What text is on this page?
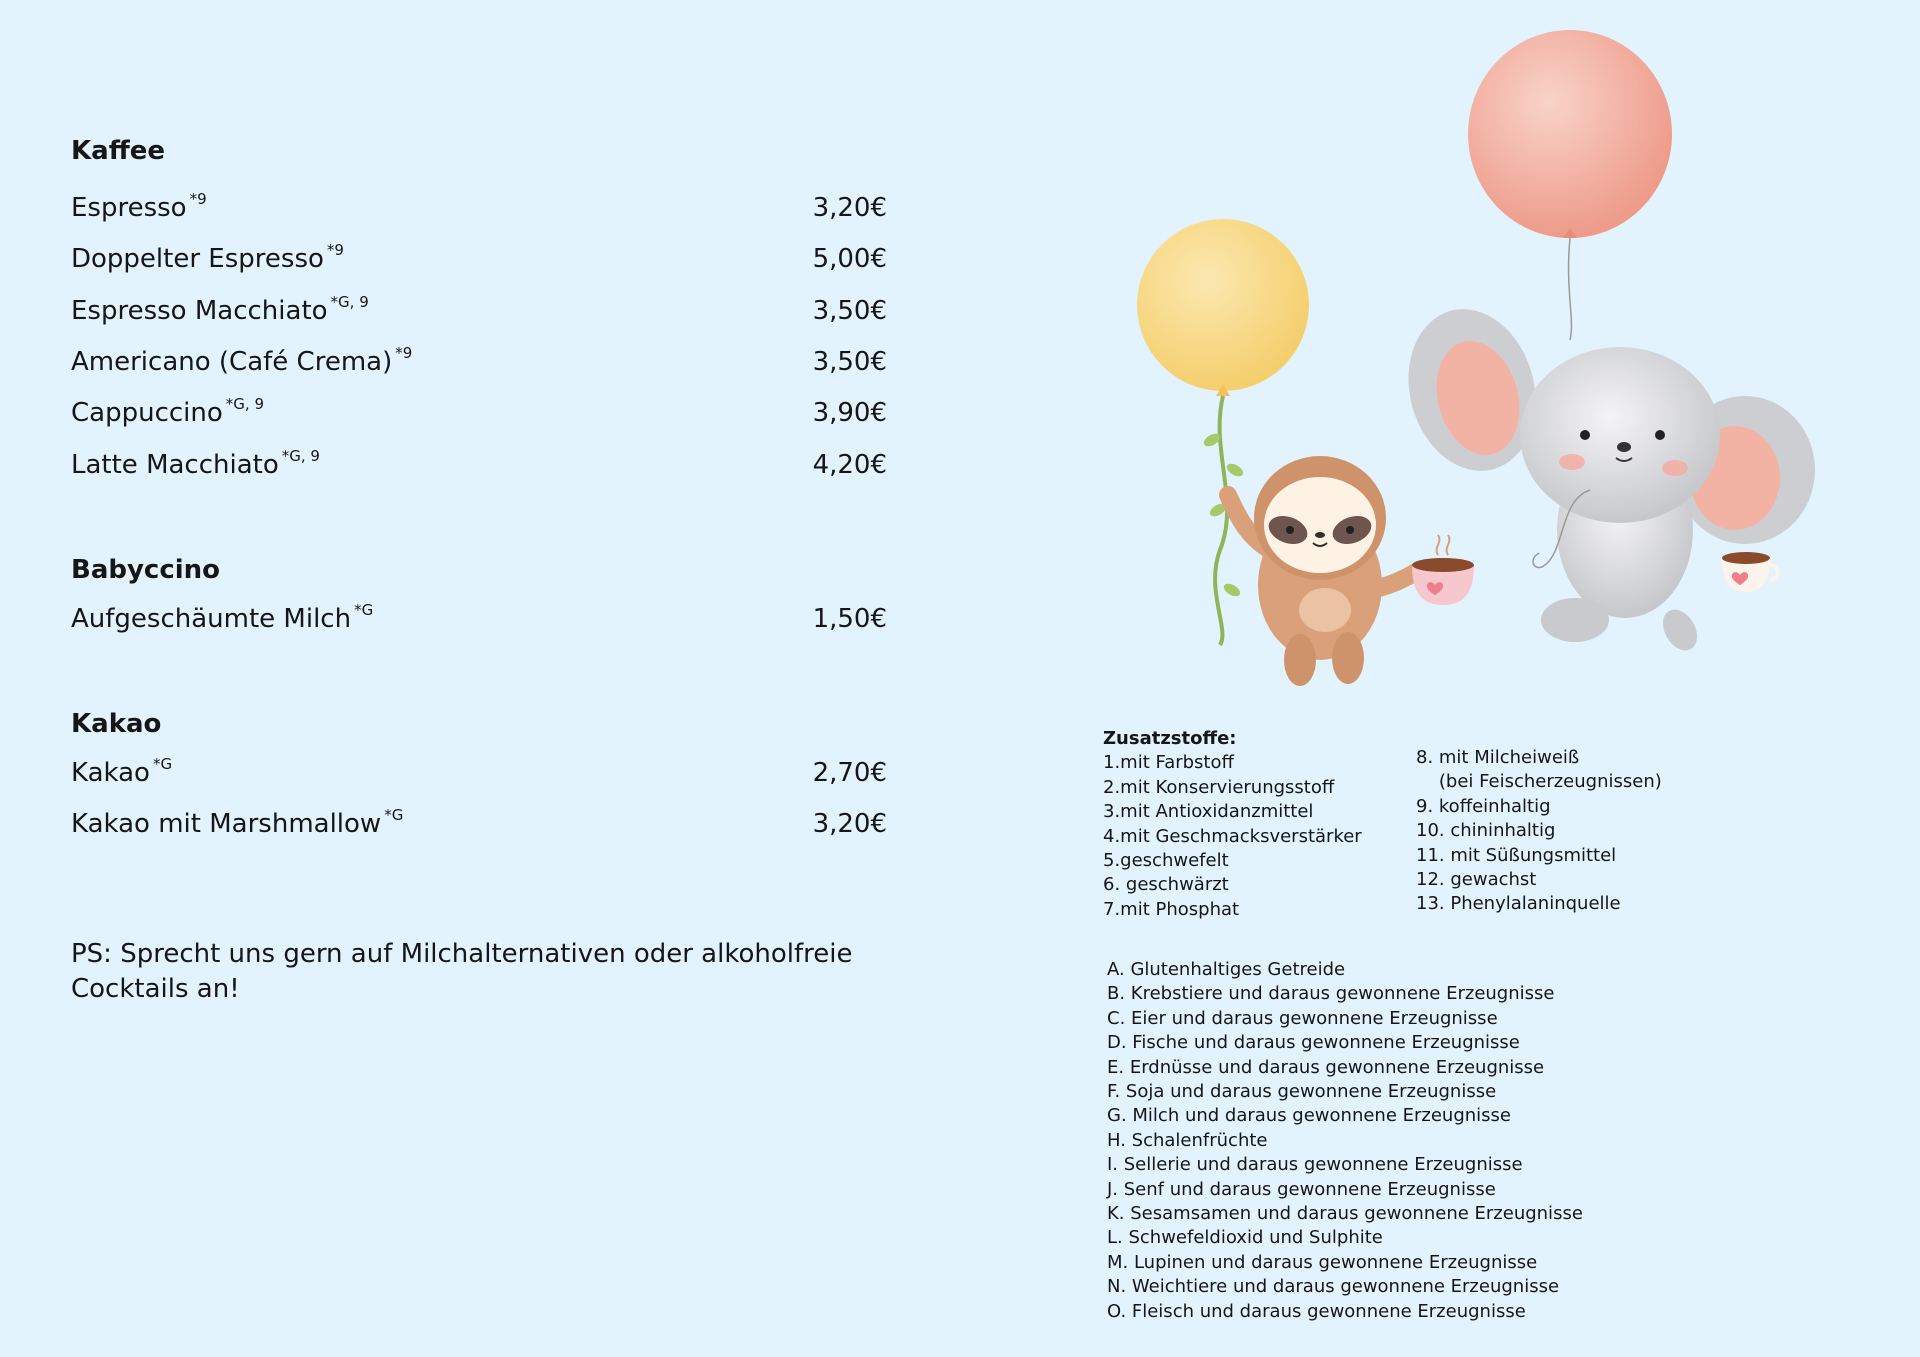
Kaffee
Espresso $^{*9}$	3,20€
Doppelter Espresso $^{*9}$	5,00€
Espresso Macchiato $^{*G, 9}$	3,50€
Americano (Café Crema) $^{*9}$	3,50€
Cappuccino $^{*G, 9}$	3,90€
Latte Macchiato $^{*G, 9}$	4,20€
Babyccino
Aufgeschäumte Milch $^{*G}$	1,50€
Kakao
Kakao $^{*G}$	2,70€
Kakao mit Marshmallow $^{*G}$	3,20€

PS: Sprecht uns gern auf Milchalternativen oder alkoholfreie Cocktails an!

Zusatzstoffe:

1.mit Farbstoff
2.mit Konservierungsstoff
3.mit Antioxidanzmittel
4.mit Geschmacksverstärker
5.geschwefelt
6. geschwärzt
7.mit Phosphat
8. mit Milcheiweiß
(bei Feischerzeugnissen)
9. koffeinhaltig
10. chininhaltig
11. mit Süßungsmittel
12. gewachst
13. Phenylalaninquelle
A. Glutenhaltiges Getreide
B. Krebstiere und daraus gewonnene Erzeugnisse
C. Eier und daraus gewonnene Erzeugnisse
D. Fische und daraus gewonnene Erzeugnisse
E. Erdnüsse und daraus gewonnene Erzeugnisse
F. Soja und daraus gewonnene Erzeugnisse
G. Milch und daraus gewonnene Erzeugnisse
H. Schalenfrüchte
I. Sellerie und daraus gewonnene Erzeugnisse
J. Senf und daraus gewonnene Erzeugnisse
K. Sesamsamen und daraus gewonnene Erzeugnisse
L. Schwefeldioxid und Sulphite
M. Lupinen und daraus gewonnene Erzeugnisse
N. Weichtiere und daraus gewonnene Erzeugnisse
O. Fleisch und daraus gewonnene Erzeugnisse
